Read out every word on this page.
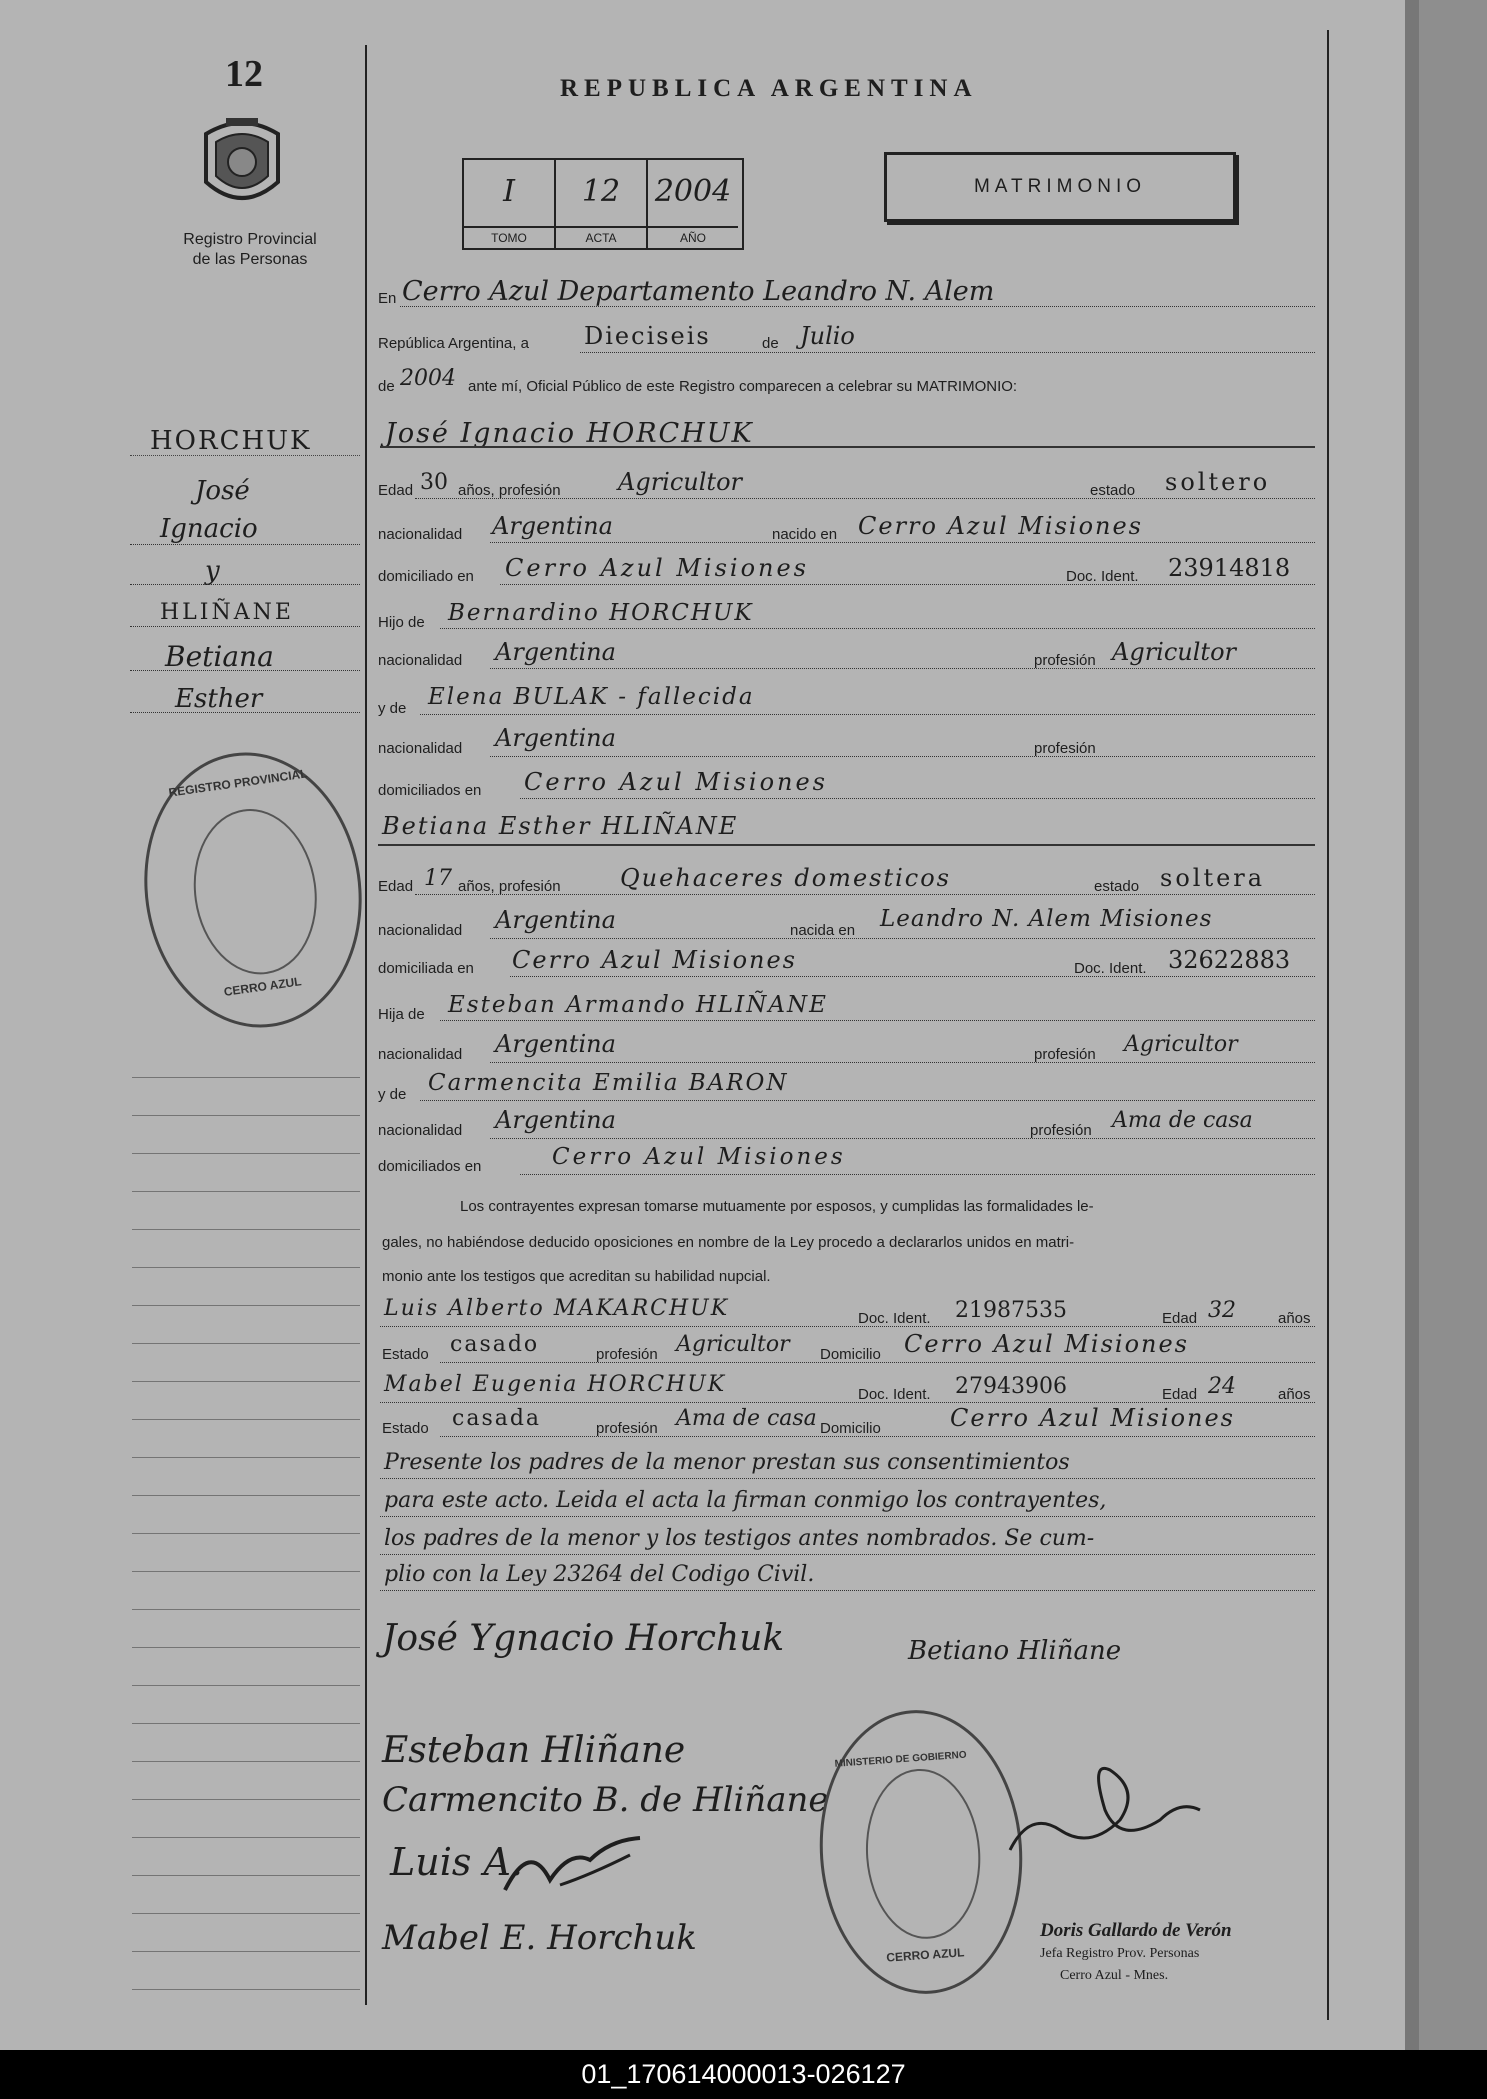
12
Registro Provincial
de las Personas
REPUBLICA ARGENTINA
I	12	2004
TOMO	ACTA	AÑO
MATRIMONIO
HORCHUK
José
Ignacio
y
HLIÑANE
Betiana
Esther
REGISTRO PROVINCIAL
CERRO AZUL
En Cerro Azul Departamento Leandro N. Alem
República Argentina, a Dieciseis	de Julio
de 2004 ante mí, Oficial Público de este Registro comparecen a celebrar su MATRIMONIO:
José Ignacio HORCHUK
Edad 30 años, profesión Agricultor	estado soltero
nacionalidad Argentina	nacido en Cerro Azul Misiones
domiciliado en Cerro Azul Misiones	Doc. Ident. 23914818
Hijo de Bernardino HORCHUK
nacionalidad Argentina	profesión Agricultor
y de Elena BULAK - fallecida
nacionalidad Argentina	profesión
domiciliados en Cerro Azul Misiones
Betiana Esther HLIÑANE
Edad 17 años, profesión Quehaceres domesticos	estado soltera
nacionalidad Argentina	nacida en Leandro N. Alem Misiones
domiciliada en Cerro Azul Misiones	Doc. Ident. 32622883
Hija de Esteban Armando HLIÑANE
nacionalidad Argentina	profesión Agricultor
y de Carmencita Emilia BARON
nacionalidad Argentina	profesión Ama de casa
domiciliados en	Cerro Azul Misiones
Los contrayentes expresan tomarse mutuamente por esposos, y cumplidas las formalidades le-
gales, no habiéndose deducido oposiciones en nombre de la Ley procedo a declararlos unidos en matri-
monio ante los testigos que acreditan su habilidad nupcial.
Luis Alberto MAKARCHUK	Doc. Ident. 21987535	Edad 32	años
Estado casado	profesión Agricultor Domicilio Cerro Azul Misiones
Mabel Eugenia HORCHUK	Doc. Ident. 27943906	Edad 24	años
Estado casada	profesión Ama de casa Domicilio	Cerro Azul Misiones
Presente los padres de la menor prestan sus consentimientos
para este acto. Leida el acta la firman conmigo los contrayentes,
los padres de la menor y los testigos antes nombrados. Se cum-
plio con la Ley 23264 del Codigo Civil.
José Ygnacio Horchuk	Betiano Hliñane
Esteban Hliñane
Carmencito B. de Hliñane
Luis A.
Mabel E. Horchuk
MINISTERIO DE GOBIERNO
CERRO AZUL
Doris Gallardo de Verón
Jefa Registro Prov. Personas
Cerro Azul - Mnes.
01_170614000013-026127
